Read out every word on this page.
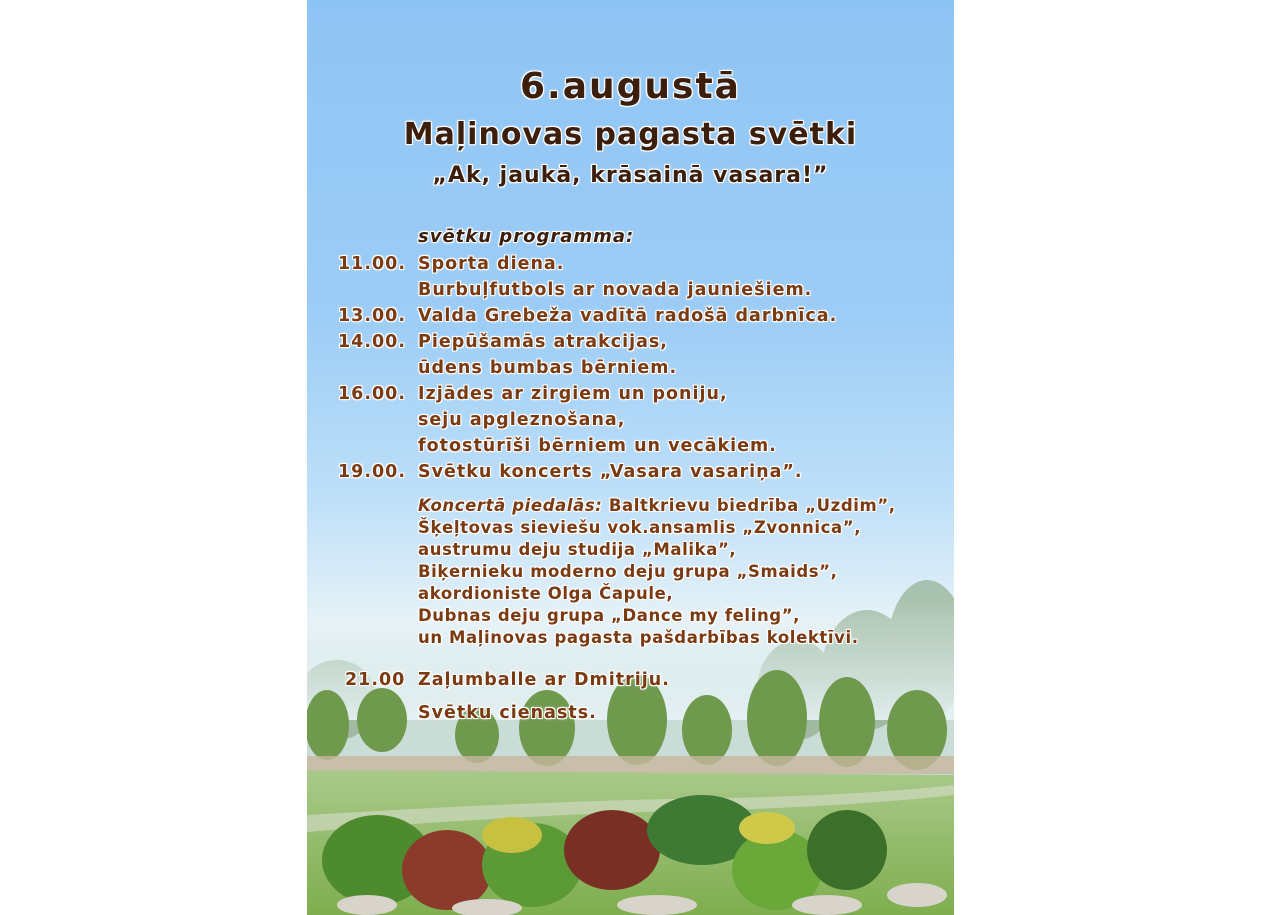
6.augustā
Maļinovas pagasta svētki
„Ak, jaukā, krāsainā vasara!”
svētku programma:
11.00. Sporta diena.
Burbuļfutbols ar novada jauniešiem.
13.00. Valda Grebeža vadītā radošā darbnīca.
14.00. Piepūšamās atrakcijas,
ūdens bumbas bērniem.
16.00. Izjādes ar zirgiem un poniju,
seju apgleznošana,
fotostūrīši bērniem un vecākiem.
19.00. Svētku koncerts „Vasara vasariņa”.
Koncertā piedalās: Baltkrievu biedrība „Uzdim”,
Šķeļtovas sieviešu vok.ansamlis „Zvonnica”,
austrumu deju studija „Malika”,
Biķernieku moderno deju grupa „Smaids”,
akordioniste Olga Čapule,
Dubnas deju grupa „Dance my feling”,
un Maļinovas pagasta pašdarbības kolektīvi.
21.00 Zaļumballe ar Dmitriju.
Svētku cienasts.
